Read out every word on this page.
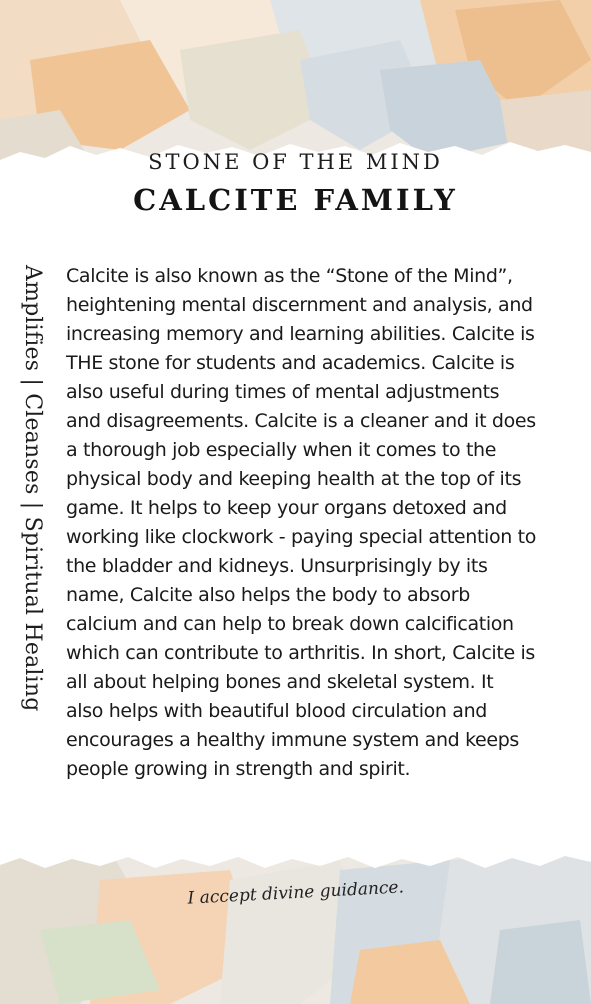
STONE OF THE MIND
CALCITE FAMILY
Amplifies | Cleanses | Spiritual Healing	Calcite is also known as the “Stone of the Mind”, heightening mental discernment and analysis, and increasing memory and learning abilities. Calcite is THE stone for students and academics. Calcite is also useful during times of mental adjustments and disagreements. Calcite is a cleaner and it does a thorough job especially when it comes to the physical body and keeping health at the top of its game. It helps to keep your organs detoxed and working like clockwork - paying special attention to the bladder and kidneys. Unsurprisingly by its name, Calcite also helps the body to absorb calcium and can help to break down calcification which can contribute to arthritis. In short, Calcite is all about helping bones and skeletal system. It also helps with beautiful blood circulation and encourages a healthy immune system and keeps people growing in strength and spirit.
I accept divine guidance.
